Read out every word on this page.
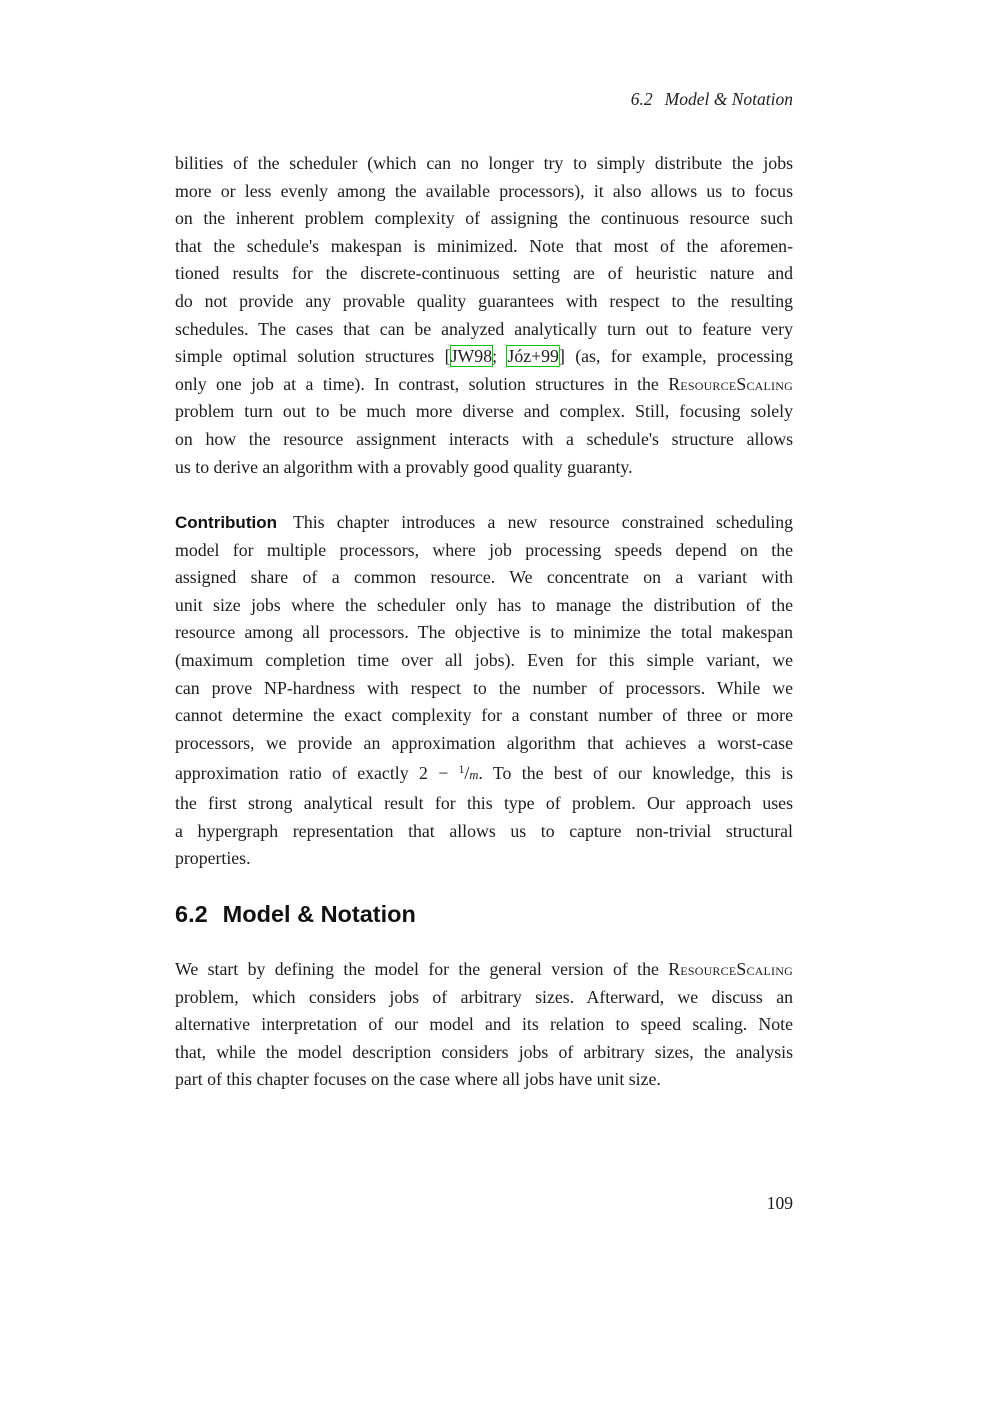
6.2 Model & Notation
bilities of the scheduler (which can no longer try to simply distribute the jobs
more or less evenly among the available processors), it also allows us to focus
on the inherent problem complexity of assigning the continuous resource such
that the schedule's makespan is minimized. Note that most of the aforemen-
tioned results for the discrete-continuous setting are of heuristic nature and
do not provide any provable quality guarantees with respect to the resulting
schedules. The cases that can be analyzed analytically turn out to feature very
simple optimal solution structures [JW98; Józ+99] (as, for example, processing
only one job at a time). In contrast, solution structures in the ResourceScaling
problem turn out to be much more diverse and complex. Still, focusing solely
on how the resource assignment interacts with a schedule's structure allows
us to derive an algorithm with a provably good quality guaranty.
Contribution This chapter introduces a new resource constrained scheduling
model for multiple processors, where job processing speeds depend on the
assigned share of a common resource. We concentrate on a variant with
unit size jobs where the scheduler only has to manage the distribution of the
resource among all processors. The objective is to minimize the total makespan
(maximum completion time over all jobs). Even for this simple variant, we
can prove NP-hardness with respect to the number of processors. While we
cannot determine the exact complexity for a constant number of three or more
processors, we provide an approximation algorithm that achieves a worst-case
approximation ratio of exactly 2 − $^1$/m. To the best of our knowledge, this is
the first strong analytical result for this type of problem. Our approach uses
a hypergraph representation that allows us to capture non-trivial structural
properties.
6.2 Model & Notation
We start by defining the model for the general version of the ResourceScaling
problem, which considers jobs of arbitrary sizes. Afterward, we discuss an
alternative interpretation of our model and its relation to speed scaling. Note
that, while the model description considers jobs of arbitrary sizes, the analysis
part of this chapter focuses on the case where all jobs have unit size.
109
